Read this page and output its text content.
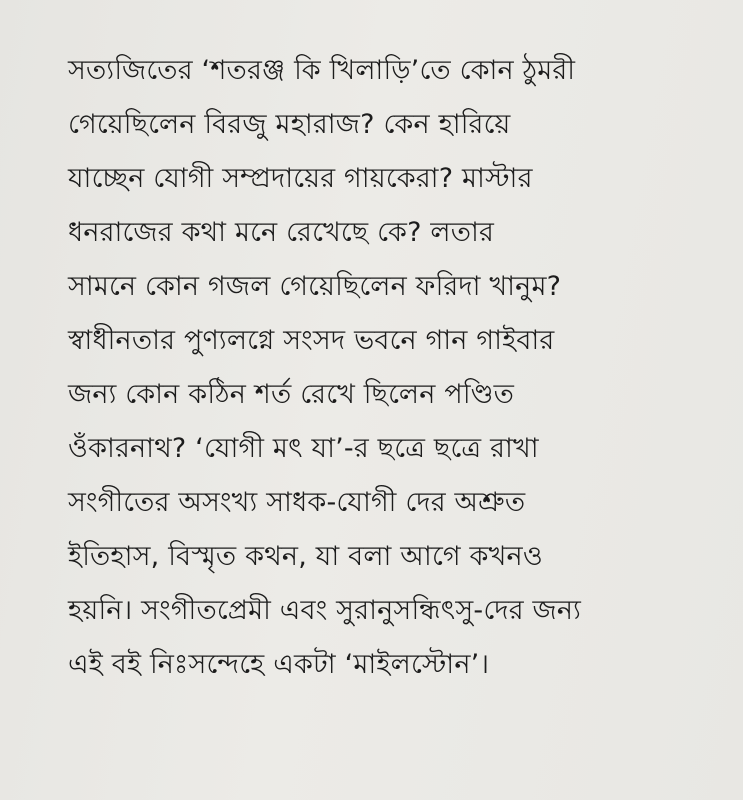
সত্যজিতের ‘শতরঞ্জ কি খিলাড়ি’তে কোন ঠুমরী
গেয়েছিলেন বিরজু মহারাজ? কেন হারিয়ে
যাচ্ছেন যোগী সম্প্রদায়ের গায়কেরা? মাস্টার
ধনরাজের কথা মনে রেখেছে কে? লতার
সামনে কোন গজল গেয়েছিলেন ফরিদা খানুম?
স্বাধীনতার পুণ্যলগ্নে সংসদ ভবনে গান গাইবার
জন্য কোন কঠিন শর্ত রেখে ছিলেন পণ্ডিত
ওঁকারনাথ? ‘যোগী মৎ যা’-র ছত্রে ছত্রে রাখা
সংগীতের অসংখ্য সাধক-যোগী দের অশ্রুত
ইতিহাস, বিস্মৃত কথন, যা বলা আগে কখনও
হয়নি। সংগীতপ্রেমী এবং সুরানুসন্ধিৎসু-দের জন্য
এই বই নিঃসন্দেহে একটা ‘মাইলস্টোন’।
